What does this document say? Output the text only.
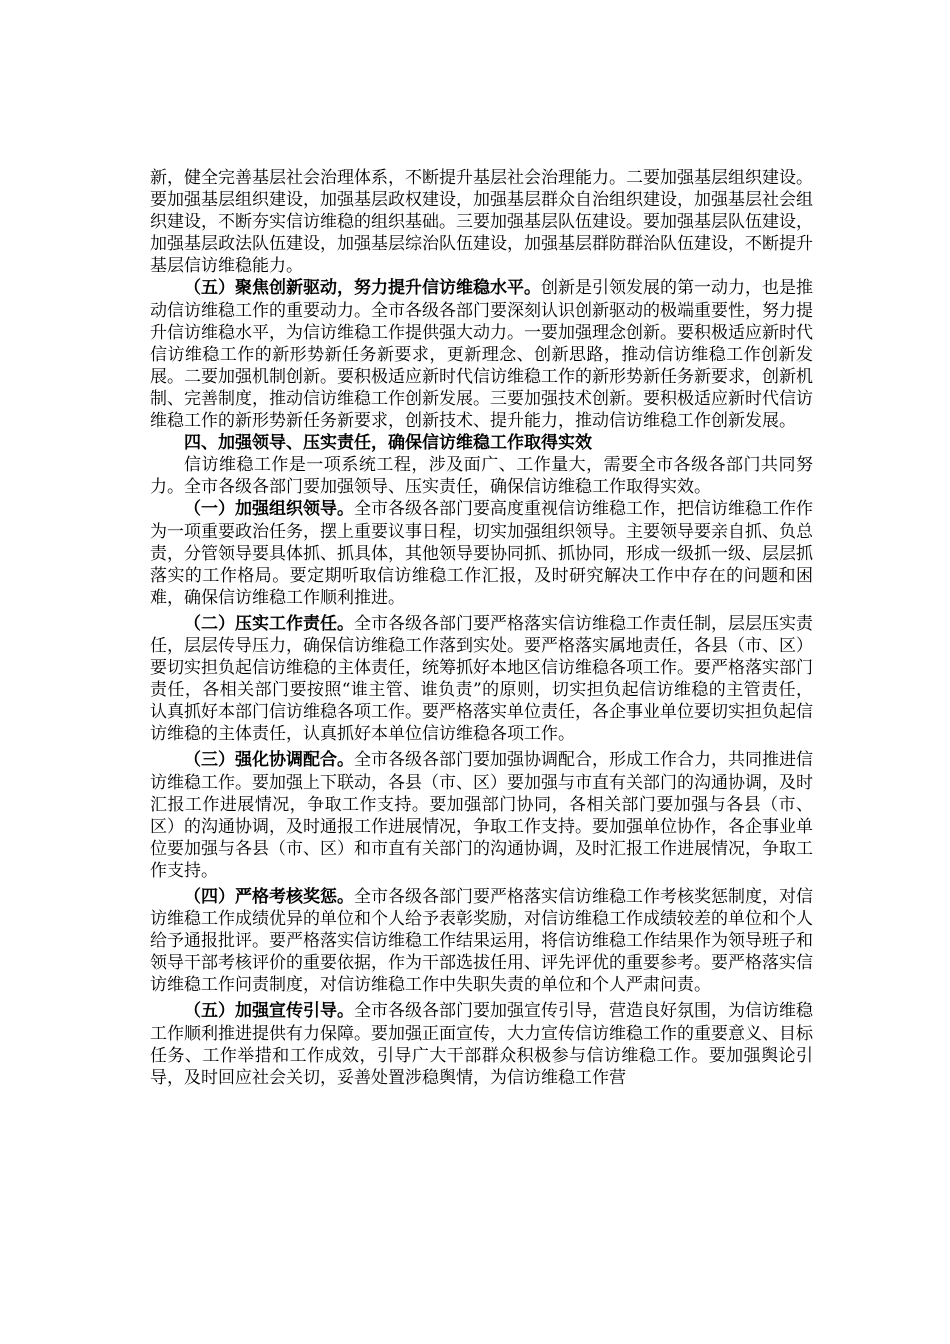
新，健全完善基层社会治理体系，不断提升基层社会治理能力。二要加强基层组织建设。要加强基层组织建设，加强基层政权建设，加强基层群众自治组织建设，加强基层社会组织建设，不断夯实信访维稳的组织基础。三要加强基层队伍建设。要加强基层队伍建设，加强基层政法队伍建设，加强基层综治队伍建设，加强基层群防群治队伍建设，不断提升基层信访维稳能力。

（五）聚焦创新驱动，努力提升信访维稳水平。创新是引领发展的第一动力，也是推动信访维稳工作的重要动力。全市各级各部门要深刻认识创新驱动的极端重要性，努力提升信访维稳水平，为信访维稳工作提供强大动力。一要加强理念创新。要积极适应新时代信访维稳工作的新形势新任务新要求，更新理念、创新思路，推动信访维稳工作创新发展。二要加强机制创新。要积极适应新时代信访维稳工作的新形势新任务新要求，创新机制、完善制度，推动信访维稳工作创新发展。三要加强技术创新。要积极适应新时代信访维稳工作的新形势新任务新要求，创新技术、提升能力，推动信访维稳工作创新发展。

四、加强领导、压实责任，确保信访维稳工作取得实效

信访维稳工作是一项系统工程，涉及面广、工作量大，需要全市各级各部门共同努力。全市各级各部门要加强领导、压实责任，确保信访维稳工作取得实效。

（一）加强组织领导。全市各级各部门要高度重视信访维稳工作，把信访维稳工作作为一项重要政治任务，摆上重要议事日程，切实加强组织领导。主要领导要亲自抓、负总责，分管领导要具体抓、抓具体，其他领导要协同抓、抓协同，形成一级抓一级、层层抓落实的工作格局。要定期听取信访维稳工作汇报，及时研究解决工作中存在的问题和困难，确保信访维稳工作顺利推进。

（二）压实工作责任。全市各级各部门要严格落实信访维稳工作责任制，层层压实责任，层层传导压力，确保信访维稳工作落到实处。要严格落实属地责任，各县（市、区）要切实担负起信访维稳的主体责任，统筹抓好本地区信访维稳各项工作。要严格落实部门责任，各相关部门要按照“谁主管、谁负责”的原则，切实担负起信访维稳的主管责任，认真抓好本部门信访维稳各项工作。要严格落实单位责任，各企事业单位要切实担负起信访维稳的主体责任，认真抓好本单位信访维稳各项工作。

（三）强化协调配合。全市各级各部门要加强协调配合，形成工作合力，共同推进信访维稳工作。要加强上下联动，各县（市、区）要加强与市直有关部门的沟通协调，及时汇报工作进展情况，争取工作支持。要加强部门协同，各相关部门要加强与各县（市、区）的沟通协调，及时通报工作进展情况，争取工作支持。要加强单位协作，各企事业单位要加强与各县（市、区）和市直有关部门的沟通协调，及时汇报工作进展情况，争取工作支持。

（四）严格考核奖惩。全市各级各部门要严格落实信访维稳工作考核奖惩制度，对信访维稳工作成绩优异的单位和个人给予表彰奖励，对信访维稳工作成绩较差的单位和个人给予通报批评。要严格落实信访维稳工作结果运用，将信访维稳工作结果作为领导班子和领导干部考核评价的重要依据，作为干部选拔任用、评先评优的重要参考。要严格落实信访维稳工作问责制度，对信访维稳工作中失职失责的单位和个人严肃问责。

（五）加强宣传引导。全市各级各部门要加强宣传引导，营造良好氛围，为信访维稳工作顺利推进提供有力保障。要加强正面宣传，大力宣传信访维稳工作的重要意义、目标任务、工作举措和工作成效，引导广大干部群众积极参与信访维稳工作。要加强舆论引导，及时回应社会关切，妥善处置涉稳舆情，为信访维稳工作营
